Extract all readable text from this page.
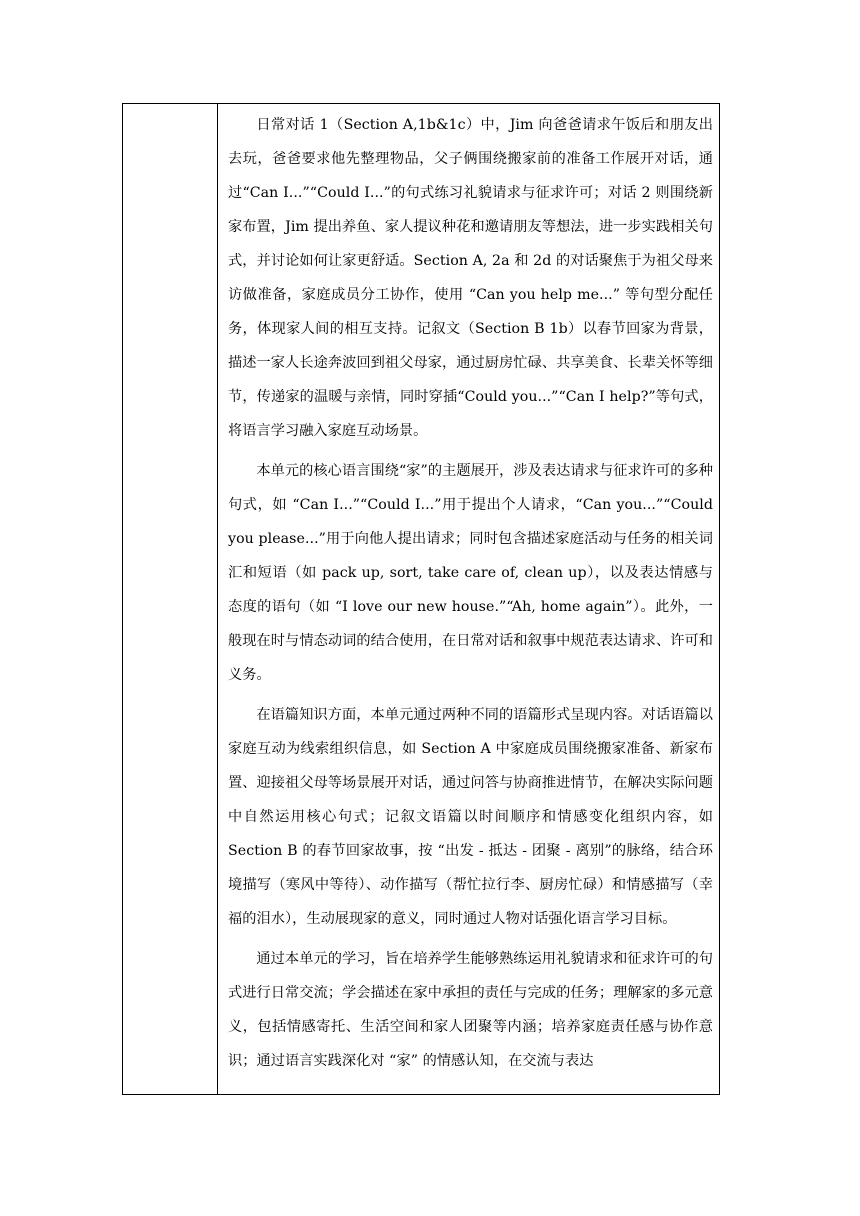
日常对话 1（Section A,1b&1c）中，Jim 向爸爸请求午饭后和朋友出去玩，爸爸要求他先整理物品，父子俩围绕搬家前的准备工作展开对话，通过“Can I...”“Could I...”的句式练习礼貌请求与征求许可；对话 2 则围绕新家布置，Jim 提出养鱼、家人提议种花和邀请朋友等想法，进一步实践相关句式，并讨论如何让家更舒适。Section A, 2a 和 2d 的对话聚焦于为祖父母来访做准备，家庭成员分工协作，使用 “Can you help me...” 等句型分配任务，体现家人间的相互支持。记叙文（Section B 1b）以春节回家为背景，描述一家人长途奔波回到祖父母家，通过厨房忙碌、共享美食、长辈关怀等细节，传递家的温暖与亲情，同时穿插“Could you...”“Can I help?”等句式，将语言学习融入家庭互动场景。

本单元的核心语言围绕“家”的主题展开，涉及表达请求与征求许可的多种句式，如 “Can I...”“Could I...”用于提出个人请求，“Can you...”“Could you please...”用于向他人提出请求；同时包含描述家庭活动与任务的相关词汇和短语（如 pack up, sort, take care of, clean up），以及表达情感与态度的语句（如 “I love our new house.”“Ah, home again”）。此外，一般现在时与情态动词的结合使用，在日常对话和叙事中规范表达请求、许可和义务。

在语篇知识方面，本单元通过两种不同的语篇形式呈现内容。对话语篇以家庭互动为线索组织信息，如 Section A 中家庭成员围绕搬家准备、新家布置、迎接祖父母等场景展开对话，通过问答与协商推进情节，在解决实际问题中自然运用核心句式；记叙文语篇以时间顺序和情感变化组织内容，如 Section B 的春节回家故事，按 “出发 - 抵达 - 团聚 - 离别”的脉络，结合环境描写（寒风中等待）、动作描写（帮忙拉行李、厨房忙碌）和情感描写（幸福的泪水），生动展现家的意义，同时通过人物对话强化语言学习目标。

通过本单元的学习，旨在培养学生能够熟练运用礼貌请求和征求许可的句式进行日常交流；学会描述在家中承担的责任与完成的任务；理解家的多元意义，包括情感寄托、生活空间和家人团聚等内涵；培养家庭责任感与协作意识；通过语言实践深化对 “家” 的情感认知，在交流与表达
